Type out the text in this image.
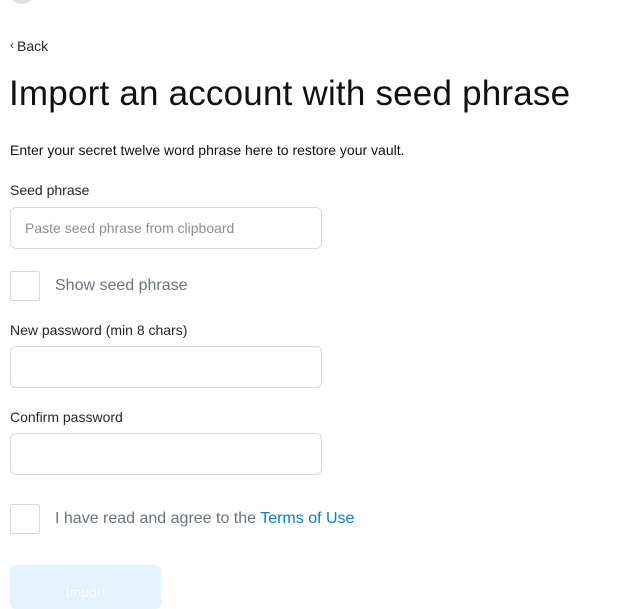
‹ Back
Import an account with seed phrase
Enter your secret twelve word phrase here to restore your vault.
Seed phrase
Paste seed phrase from clipboard
Show seed phrase
New password (min 8 chars)
Confirm password
I have read and agree to the Terms of Use
Import
